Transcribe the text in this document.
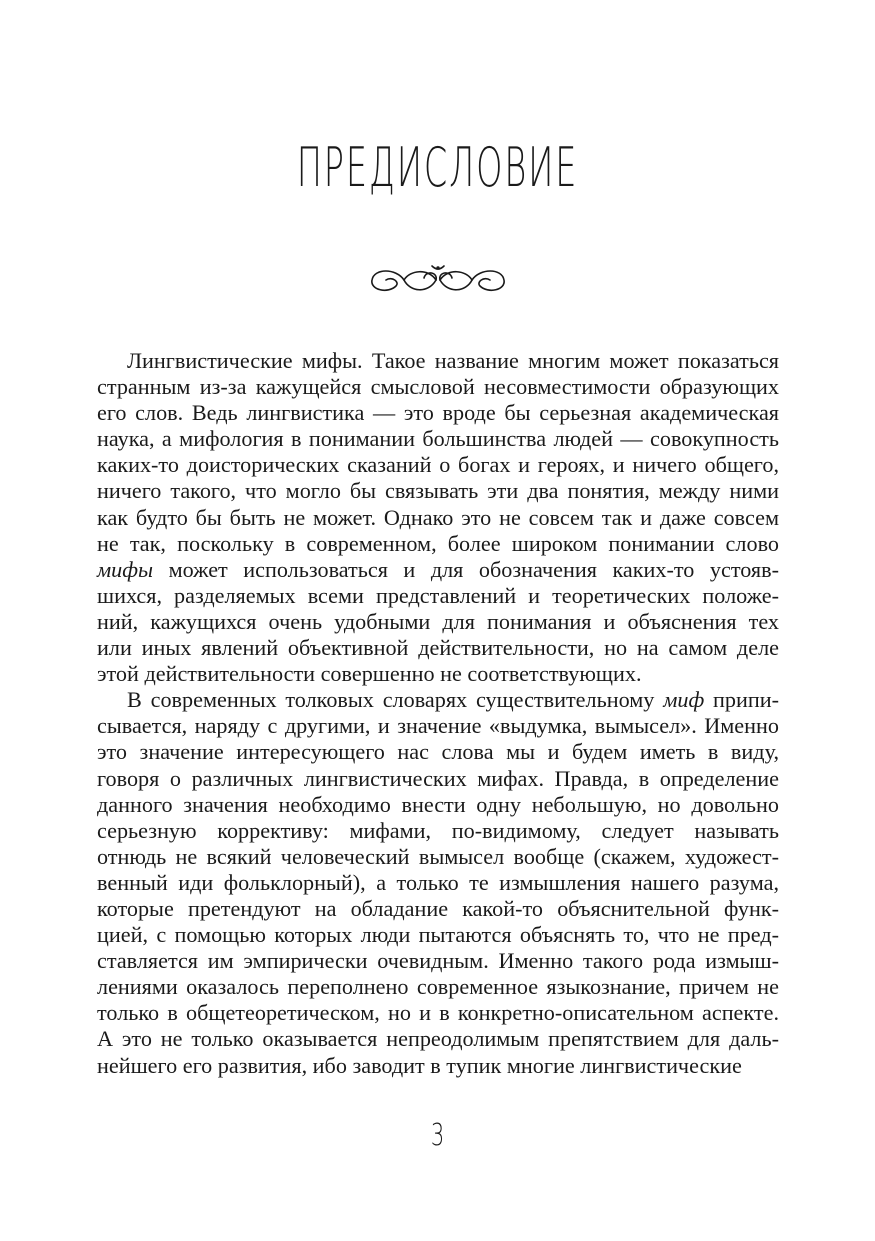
ПРЕДИСЛОВИЕ
Лингвистические мифы. Такое название многим может показаться
странным из-за кажущейся смысловой несовместимости образующих
его слов. Ведь лингвистика — это вроде бы серьезная академическая
наука, а мифология в понимании большинства людей — совокупность
каких-то доисторических сказаний о богах и героях, и ничего общего,
ничего такого, что могло бы связывать эти два понятия, между ними
как будто бы быть не может. Однако это не совсем так и даже совсем
не так, поскольку в современном, более широком понимании слово
мифы может использоваться и для обозначения каких-то устояв-
шихся, разделяемых всеми представлений и теоретических положе-
ний, кажущихся очень удобными для понимания и объяснения тех
или иных явлений объективной действительности, но на самом деле
этой действительности совершенно не соответствующих.
В современных толковых словарях существительному миф припи-
сывается, наряду с другими, и значение «выдумка, вымысел». Именно
это значение интересующего нас слова мы и будем иметь в виду,
говоря о различных лингвистических мифах. Правда, в определение
данного значения необходимо внести одну небольшую, но довольно
серьезную коррективу: мифами, по-видимому, следует называть
отнюдь не всякий человеческий вымысел вообще (скажем, художест-
венный иди фольклорный), а только те измышления нашего разума,
которые претендуют на обладание какой-то объяснительной функ-
цией, с помощью которых люди пытаются объяснять то, что не пред-
ставляется им эмпирически очевидным. Именно такого рода измыш-
лениями оказалось переполнено современное языкознание, причем не
только в общетеоретическом, но и в конкретно-описательном аспекте.
А это не только оказывается непреодолимым препятствием для даль-
нейшего его развития, ибо заводит в тупик многие лингвистические
3
